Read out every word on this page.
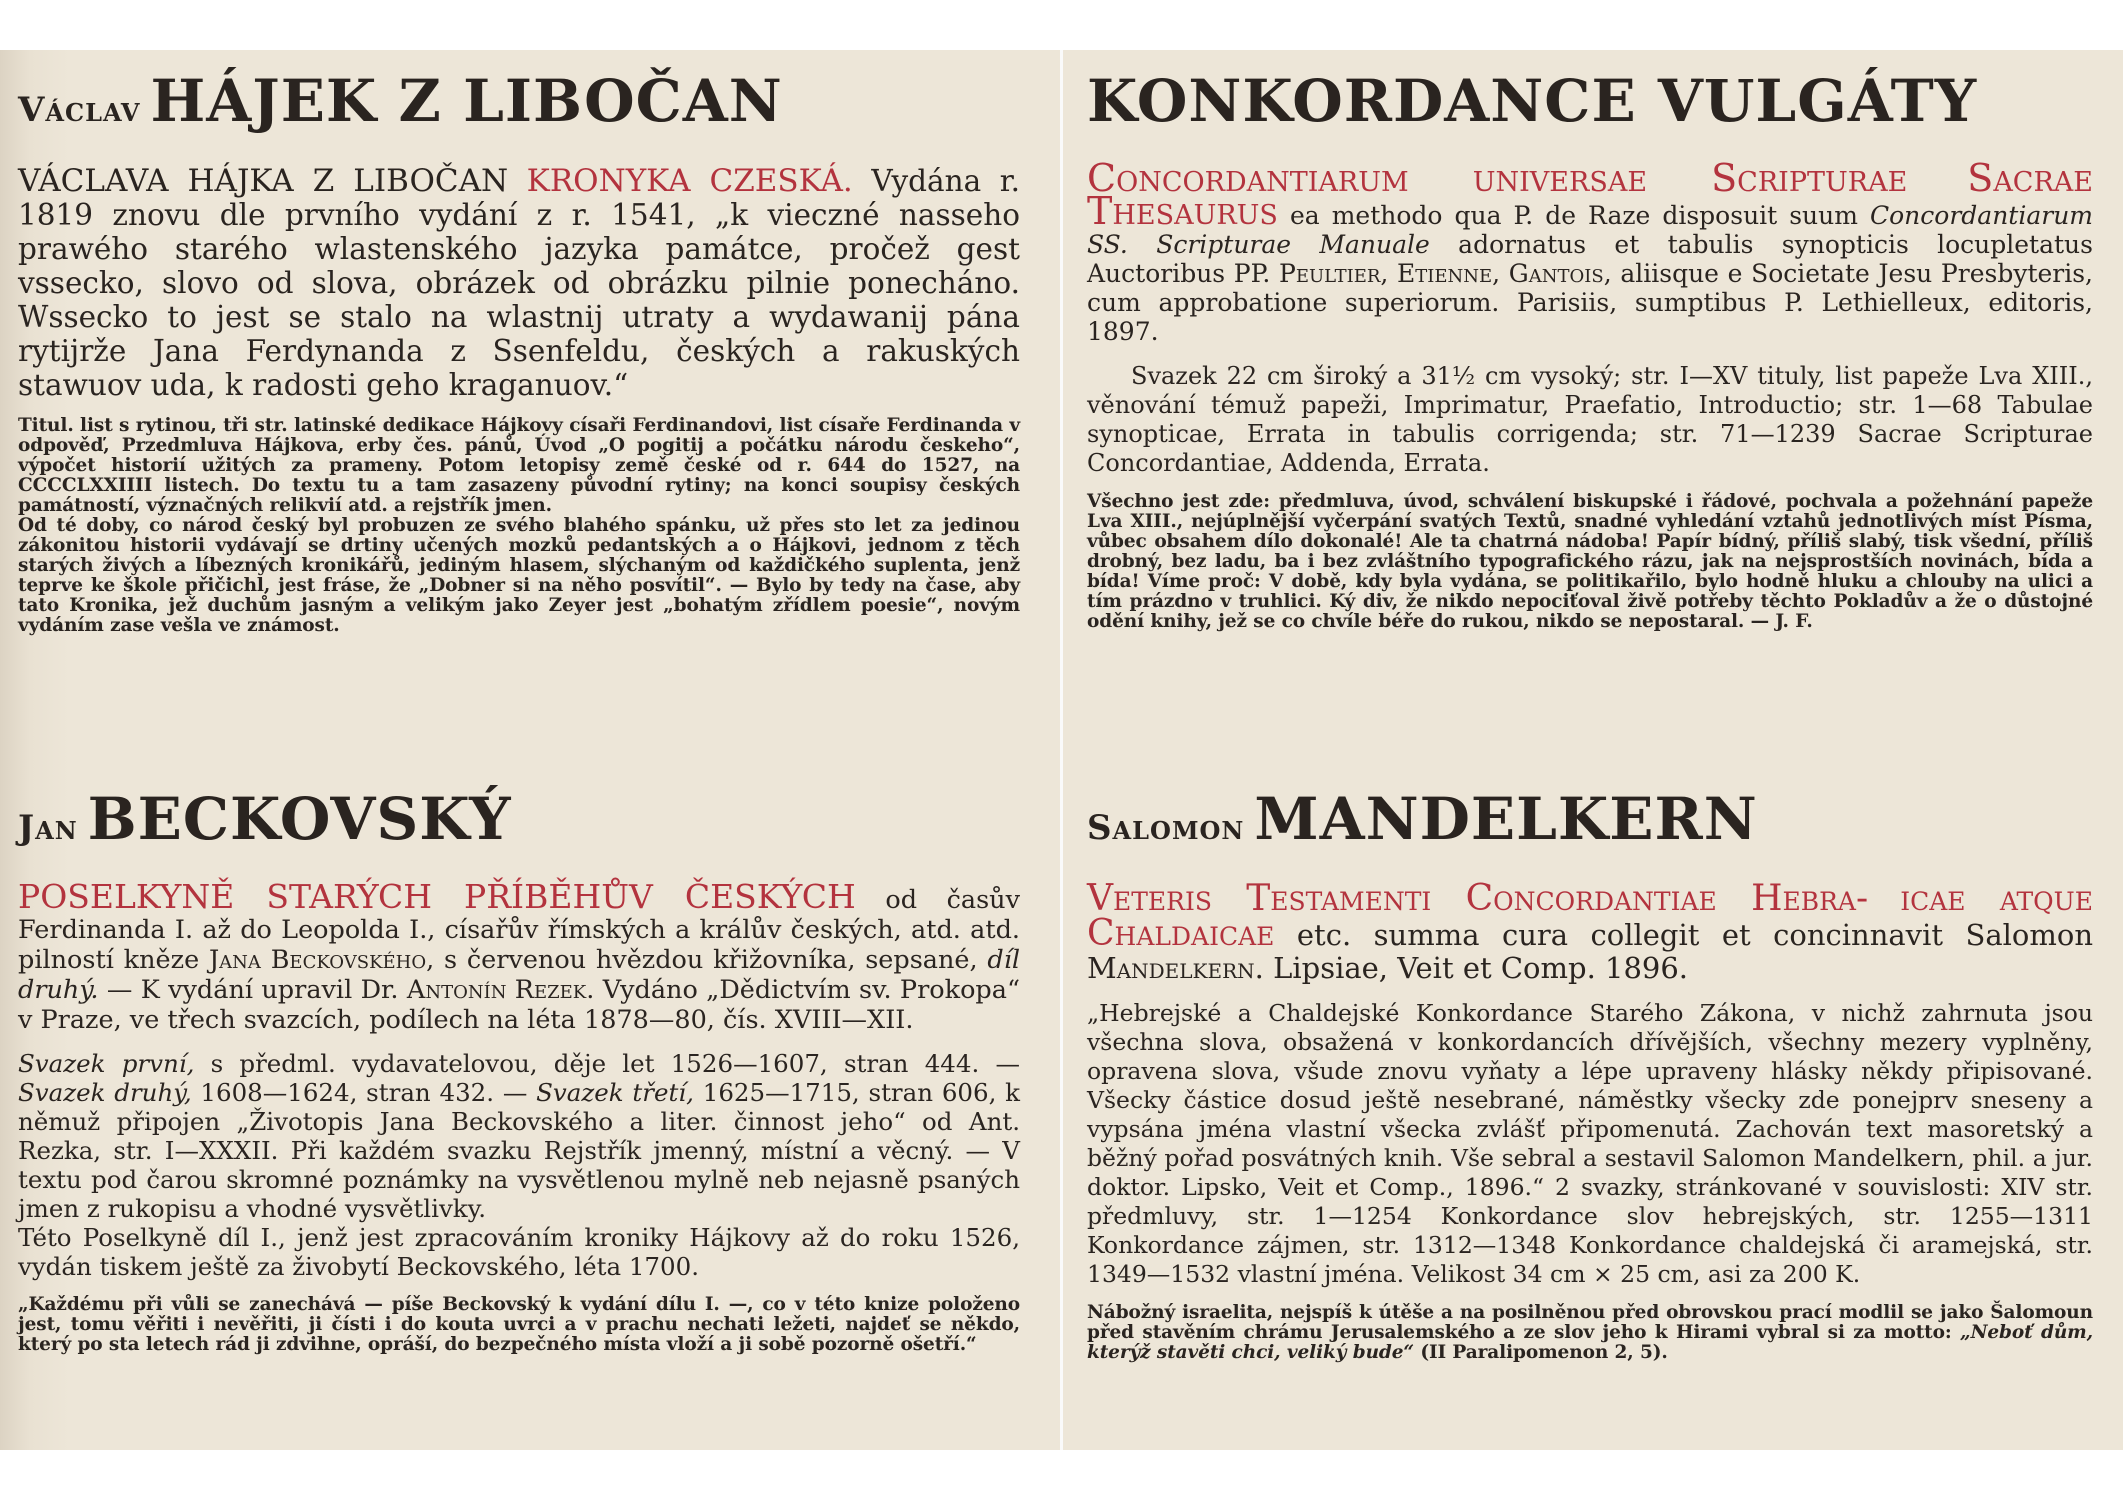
Václav HÁJEK Z LIBOČAN

VÁCLAVA HÁJKA Z LIBOČAN KRONYKA CZESKÁ. Vydána r. 1819 znovu dle prvního vydání z r. 1541, „k vieczné nasseho prawého starého wlastenského jazyka památce, pročež gest vssecko, slovo od slova, obrázek od obrázku pilnie ponecháno. Wssecko to jest se stalo na wlastnij utraty a wydawanij pána rytijrže Jana Ferdynanda z Ssenfeldu, českých a rakuských stawuov uda, k radosti geho kraganuov.“

Titul. list s rytinou, tři str. latinské dedikace Hájkovy císaři Ferdinandovi, list císaře Ferdinanda v odpověď, Przedmluva Hájkova, erby čes. pánů, Úvod „O pogitij a počátku národu českeho“, výpočet historií užitých za prameny. Potom letopisy země české od r. 644 do 1527, na CCCCLXXIIII listech. Do textu tu a tam zasazeny původní rytiny; na konci soupisy českých památností, význačných relikvií atd. a rejstřík jmen.

Od té doby, co národ český byl probuzen ze svého blahého spánku, už přes sto let za jedinou zákonitou historii vydávají se drtiny učených mozků pedantských a o Hájkovi, jednom z těch starých živých a líbezných kronikářů, jediným hlasem, slýchaným od každičkého suplenta, jenž teprve ke škole přičichl, jest fráse, že „Dobner si na něho posvítil“. — Bylo by tedy na čase, aby tato Kronika, jež duchům jasným a velikým jako Zeyer jest „bohatým zřídlem poesie“, novým vydáním zase vešla ve známost.

Jan BECKOVSKÝ

POSELKYNĚ STARÝCH PŘÍBĚHŮV ČESKÝCH od časův Ferdinanda I. až do Leopolda I., císařův římských a králův českých, atd. atd. pilností kněze Jana Beckovského, s červenou hvězdou křižovníka, sepsané, díl druhý. — K vydání upravil Dr. Antonín Rezek. Vydáno „Dědictvím sv. Prokopa“ v Praze, ve třech svazcích, podílech na léta 1878—80, čís. XVIII—XII.

Svazek první, s předml. vydavatelovou, děje let 1526—1607, stran 444. — Svazek druhý, 1608—1624, stran 432. — Svazek třetí, 1625—1715, stran 606, k němuž připojen „Životopis Jana Beckovského a liter. činnost jeho“ od Ant. Rezka, str. I—XXXII. Při každém svazku Rejstřík jmenný, místní a věcný. — V textu pod čarou skromné poznámky na vysvětlenou mylně neb nejasně psaných jmen z rukopisu a vhodné vysvětlivky.

Této Poselkyně díl I., jenž jest zpracováním kroniky Hájkovy až do roku 1526, vydán tiskem ještě za živobytí Beckovského, léta 1700.

„Každému při vůli se zanechává — píše Beckovský k vydání dílu I. —, co v této knize položeno jest, tomu věřiti i nevěřiti, ji čísti i do kouta uvrci a v prachu nechati ležeti, najdeť se někdo, který po sta letech rád ji zdvihne, opráší, do bezpečného místa vloží a ji sobě pozorně ošetří.“

KONKORDANCE VULGÁTY

Concordantiarum universae Scripturae Sacrae Thesaurus ea methodo qua P. de Raze disposuit suum Concordantiarum SS. Scripturae Manuale adornatus et tabulis synopticis locupletatus Auctoribus PP. Peultier, Etienne, Gantois, aliisque e Societate Jesu Presbyteris, cum approbatione superiorum. Parisiis, sumptibus P. Lethielleux, editoris, 1897.

Svazek 22 cm široký a 31½ cm vysoký; str. I—XV tituly, list papeže Lva XIII., věnování témuž papeži, Imprimatur, Praefatio, Introductio; str. 1—68 Tabulae synopticae, Errata in tabulis corrigenda; str. 71—1239 Sacrae Scripturae Concordantiae, Addenda, Errata.

Všechno jest zde: předmluva, úvod, schválení biskupské i řádové, pochvala a požehnání papeže Lva XIII., nejúplnější vyčerpání svatých Textů, snadné vyhledání vztahů jednotlivých míst Písma, vůbec obsahem dílo dokonalé! Ale ta chatrná nádoba! Papír bídný, příliš slabý, tisk všední, příliš drobný, bez ladu, ba i bez zvláštního typografického rázu, jak na nejsprostších novinách, bída a bída! Víme proč: V době, kdy byla vydána, se politikařilo, bylo hodně hluku a chlouby na ulici a tím prázdno v truhlici. Ký div, že nikdo nepociťoval živě potřeby těchto Pokladův a že o důstojné odění knihy, jež se co chvíle béře do rukou, nikdo se nepostaral. — J. F.

Salomon MANDELKERN

Veteris Testamenti Concordantiae Hebra- icae atque Chaldaicae etc. summa cura collegit et concinnavit Salomon Mandelkern. Lipsiae, Veit et Comp. 1896.

„Hebrejské a Chaldejské Konkordance Starého Zákona, v nichž zahrnuta jsou všechna slova, obsažená v konkordancích dřívějších, všechny mezery vyplněny, opravena slova, všude znovu vyňaty a lépe upraveny hlásky někdy připisované. Všecky částice dosud ještě nesebrané, náměstky všecky zde ponejprv sneseny a vypsána jména vlastní všecka zvlášť připomenutá. Zachován text masoretský a běžný pořad posvátných knih. Vše sebral a sestavil Salomon Mandelkern, phil. a jur. doktor. Lipsko, Veit et Comp., 1896.“ 2 svazky, stránkované v souvislosti: XIV str. předmluvy, str. 1—1254 Konkordance slov hebrejských, str. 1255—1311 Konkordance zájmen, str. 1312—1348 Konkordance chaldejská či aramejská, str. 1349—1532 vlastní jména. Velikost 34 cm × 25 cm, asi za 200 K.

Nábožný israelita, nejspíš k útěše a na posilněnou před obrovskou prací modlil se jako Šalomoun před stavěním chrámu Jerusalemského a ze slov jeho k Hirami vybral si za motto: „Neboť dům, kterýž stavěti chci, veliký bude“ (II Paralipomenon 2, 5).
